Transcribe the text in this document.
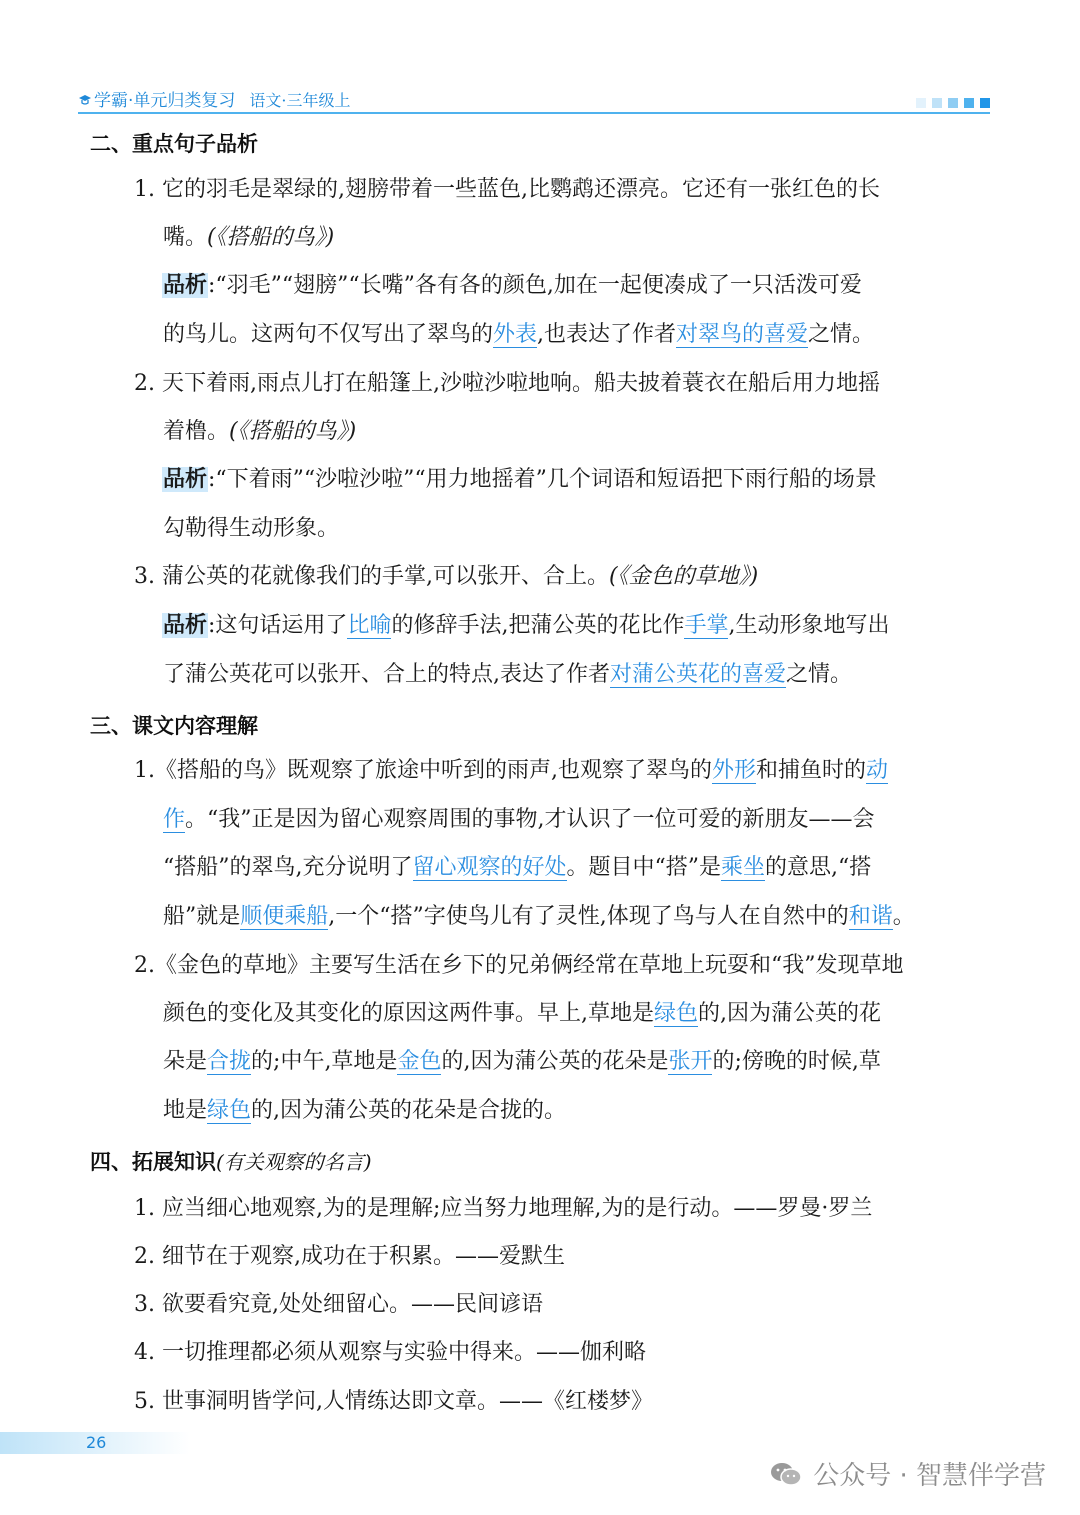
学霸·单元归类复习 语文·三年级上
二、重点句子品析
1. 它的羽毛是翠绿的,翅膀带着一些蓝色,比鹦鹉还漂亮。它还有一张红色的长
嘴。(《搭船的鸟》)
品析:“羽毛”“翅膀”“长嘴”各有各的颜色,加在一起便凑成了一只活泼可爱
的鸟儿。这两句不仅写出了翠鸟的外表,也表达了作者对翠鸟的喜爱之情。
2. 天下着雨,雨点儿打在船篷上,沙啦沙啦地响。船夫披着蓑衣在船后用力地摇
着橹。(《搭船的鸟》)
品析:“下着雨”“沙啦沙啦”“用力地摇着”几个词语和短语把下雨行船的场景
勾勒得生动形象。
3. 蒲公英的花就像我们的手掌,可以张开、合上。(《金色的草地》)
品析:这句话运用了比喻的修辞手法,把蒲公英的花比作手掌,生动形象地写出
了蒲公英花可以张开、合上的特点,表达了作者对蒲公英花的喜爱之情。
三、课文内容理解
1.《搭船的鸟》既观察了旅途中听到的雨声,也观察了翠鸟的外形和捕鱼时的动
作。“我”正是因为留心观察周围的事物,才认识了一位可爱的新朋友——会
“搭船”的翠鸟,充分说明了留心观察的好处。题目中“搭”是乘坐的意思,“搭
船”就是顺便乘船,一个“搭”字使鸟儿有了灵性,体现了鸟与人在自然中的和谐。
2.《金色的草地》主要写生活在乡下的兄弟俩经常在草地上玩耍和“我”发现草地
颜色的变化及其变化的原因这两件事。早上,草地是绿色的,因为蒲公英的花
朵是合拢的;中午,草地是金色的,因为蒲公英的花朵是张开的;傍晚的时候,草
地是绿色的,因为蒲公英的花朵是合拢的。
四、拓展知识(有关观察的名言)
1. 应当细心地观察,为的是理解;应当努力地理解,为的是行动。——罗曼·罗兰
2. 细节在于观察,成功在于积累。——爱默生
3. 欲要看究竟,处处细留心。——民间谚语
4. 一切推理都必须从观察与实验中得来。——伽利略
5. 世事洞明皆学问,人情练达即文章。——《红楼梦》
26
公众号 · 智慧伴学营
